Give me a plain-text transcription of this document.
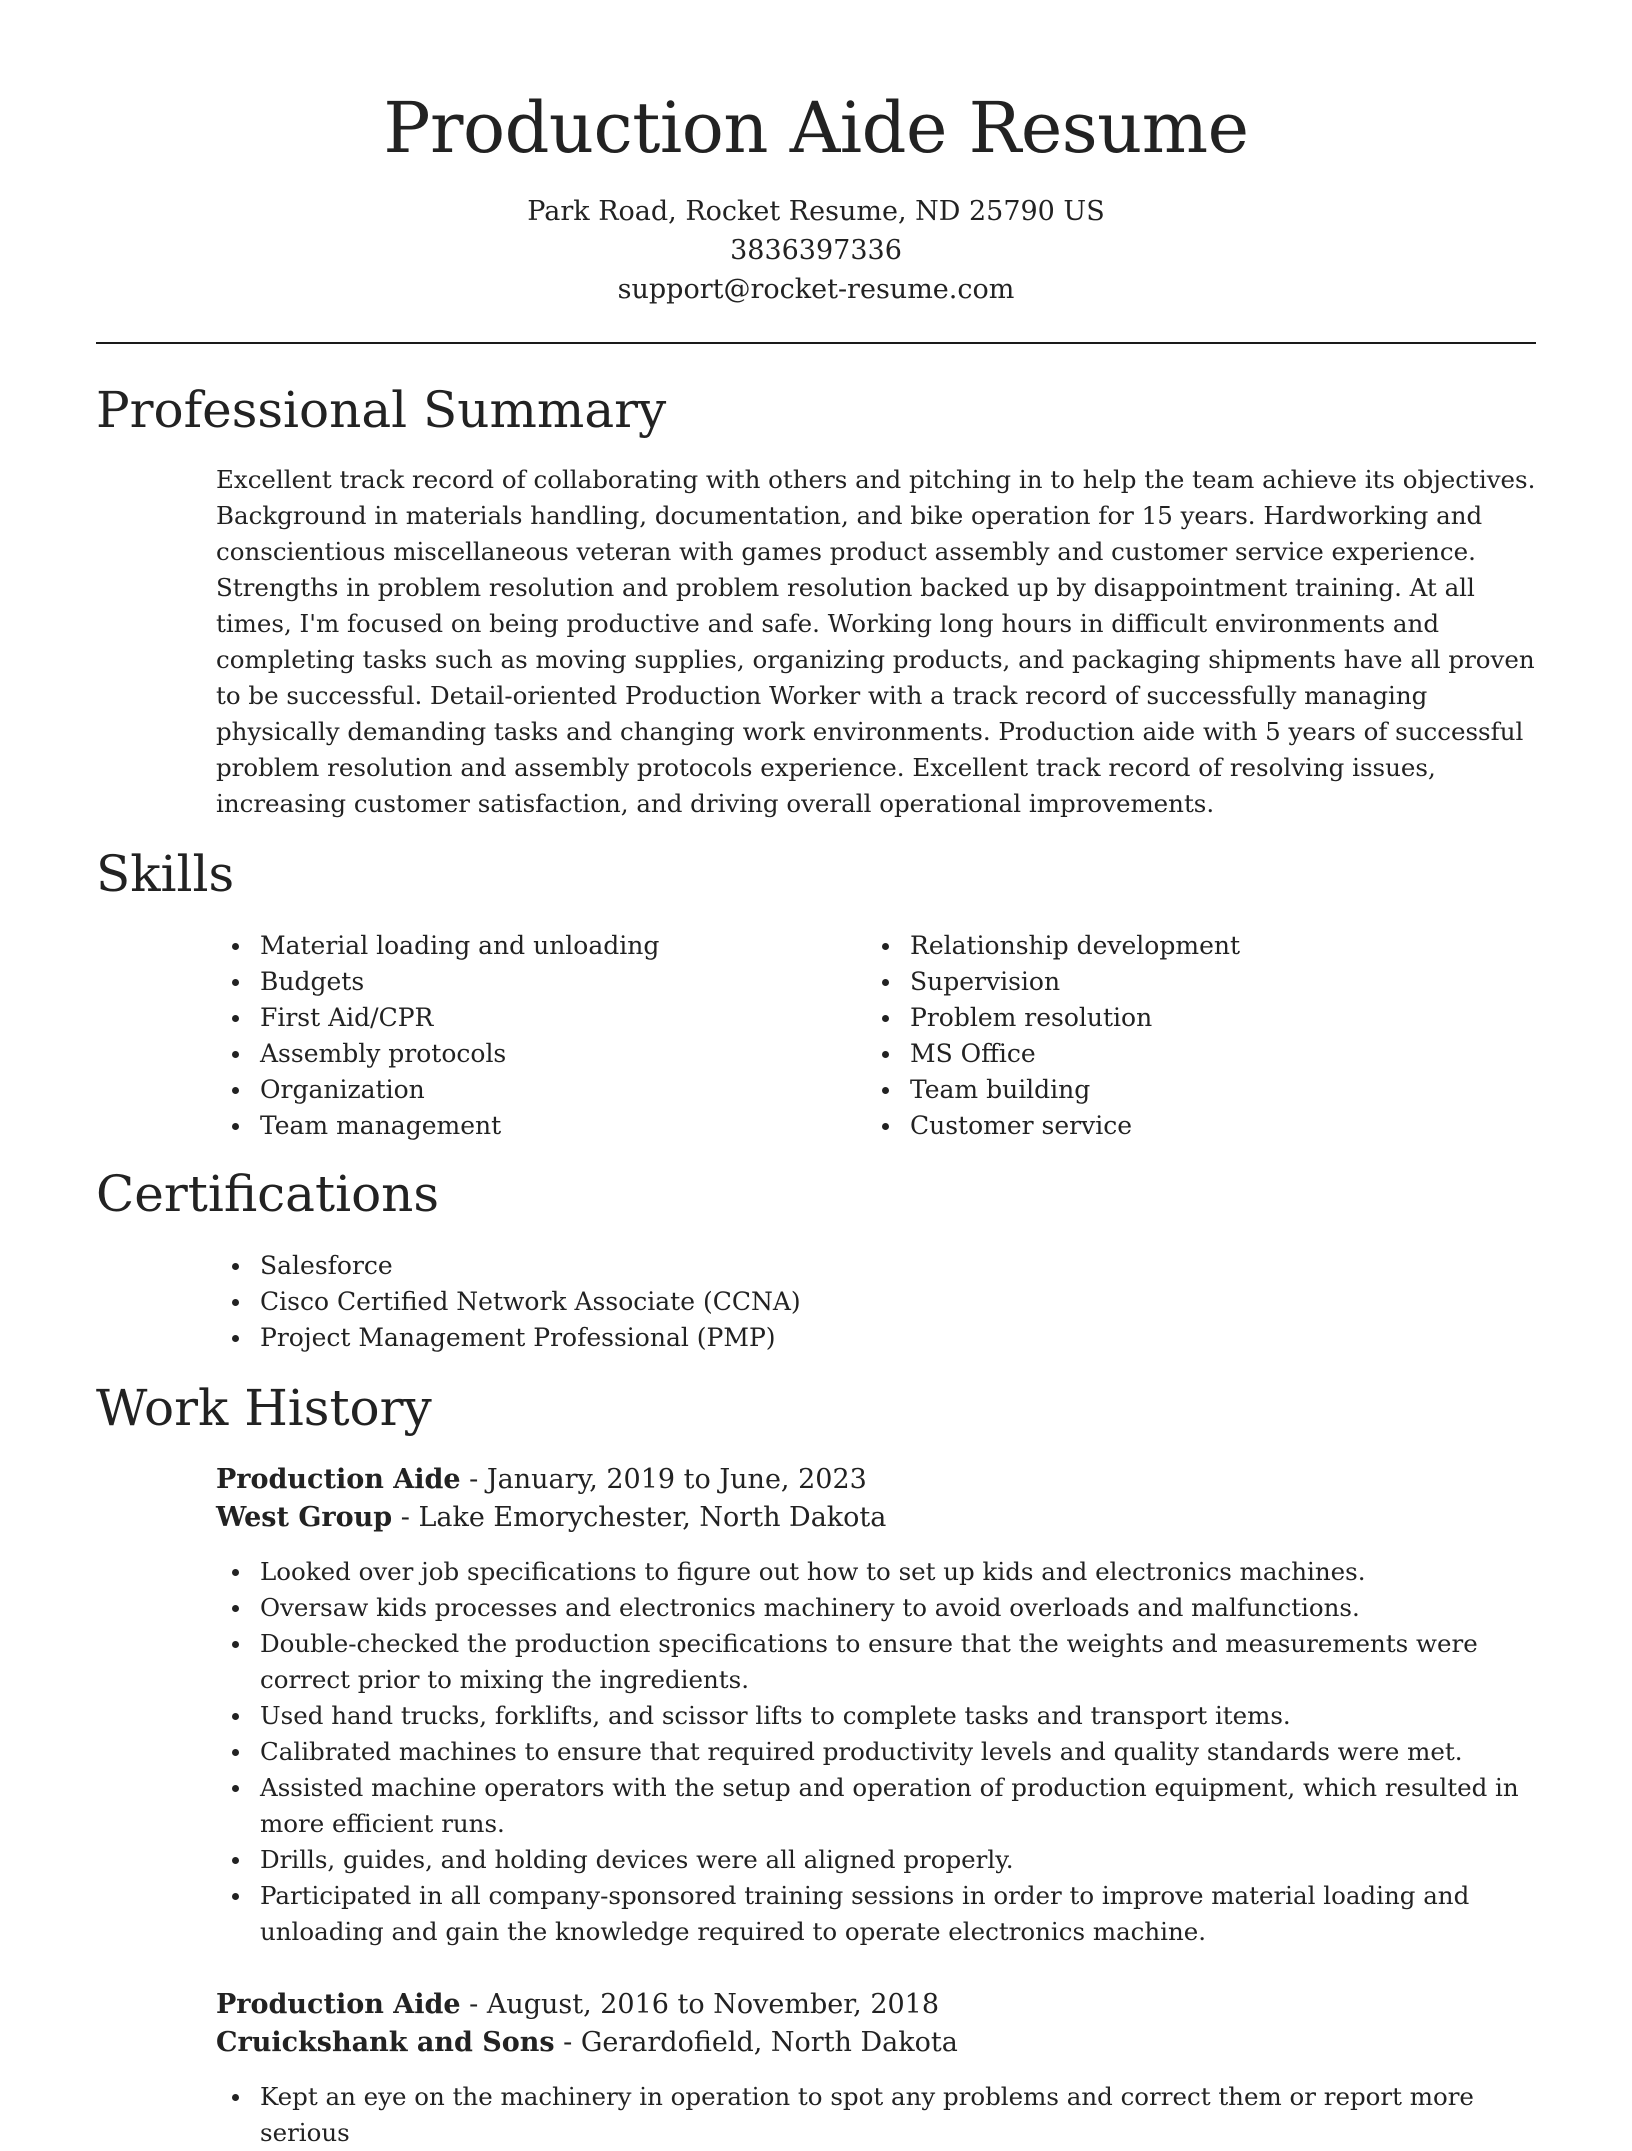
Production Aide Resume
Park Road, Rocket Resume, ND 25790 US
3836397336
support@rocket-resume.com
Professional Summary

Excellent track record of collaborating with others and pitching in to help the team achieve its objectives. Background in materials handling, documentation, and bike operation for 15 years. Hardworking and conscientious miscellaneous veteran with games product assembly and customer service experience. Strengths in problem resolution and problem resolution backed up by disappointment training. At all times, I'm focused on being productive and safe. Working long hours in difficult environments and completing tasks such as moving supplies, organizing products, and packaging shipments have all proven to be successful. Detail-oriented Production Worker with a track record of successfully managing physically demanding tasks and changing work environments. Production aide with 5 years of successful problem resolution and assembly protocols experience. Excellent track record of resolving issues, increasing customer satisfaction, and driving overall operational improvements.

Skills
Material loading and unloading
Budgets
First Aid/CPR
Assembly protocols
Organization
Team management
Relationship development
Supervision
Problem resolution
MS Office
Team building
Customer service
Certifications
Salesforce
Cisco Certified Network Associate (CCNA)
Project Management Professional (PMP)
Work History
Production Aide - January, 2019 to June, 2023
West Group - Lake Emorychester, North Dakota
Looked over job specifications to figure out how to set up kids and electronics machines.
Oversaw kids processes and electronics machinery to avoid overloads and malfunctions.
Double-checked the production specifications to ensure that the weights and measurements were correct prior to mixing the ingredients.
Used hand trucks, forklifts, and scissor lifts to complete tasks and transport items.
Calibrated machines to ensure that required productivity levels and quality standards were met.
Assisted machine operators with the setup and operation of production equipment, which resulted in more efficient runs.
Drills, guides, and holding devices were all aligned properly.
Participated in all company-sponsored training sessions in order to improve material loading and unloading and gain the knowledge required to operate electronics machine.
Production Aide - August, 2016 to November, 2018
Cruickshank and Sons - Gerardofield, North Dakota
Kept an eye on the machinery in operation to spot any problems and correct them or report more serious
